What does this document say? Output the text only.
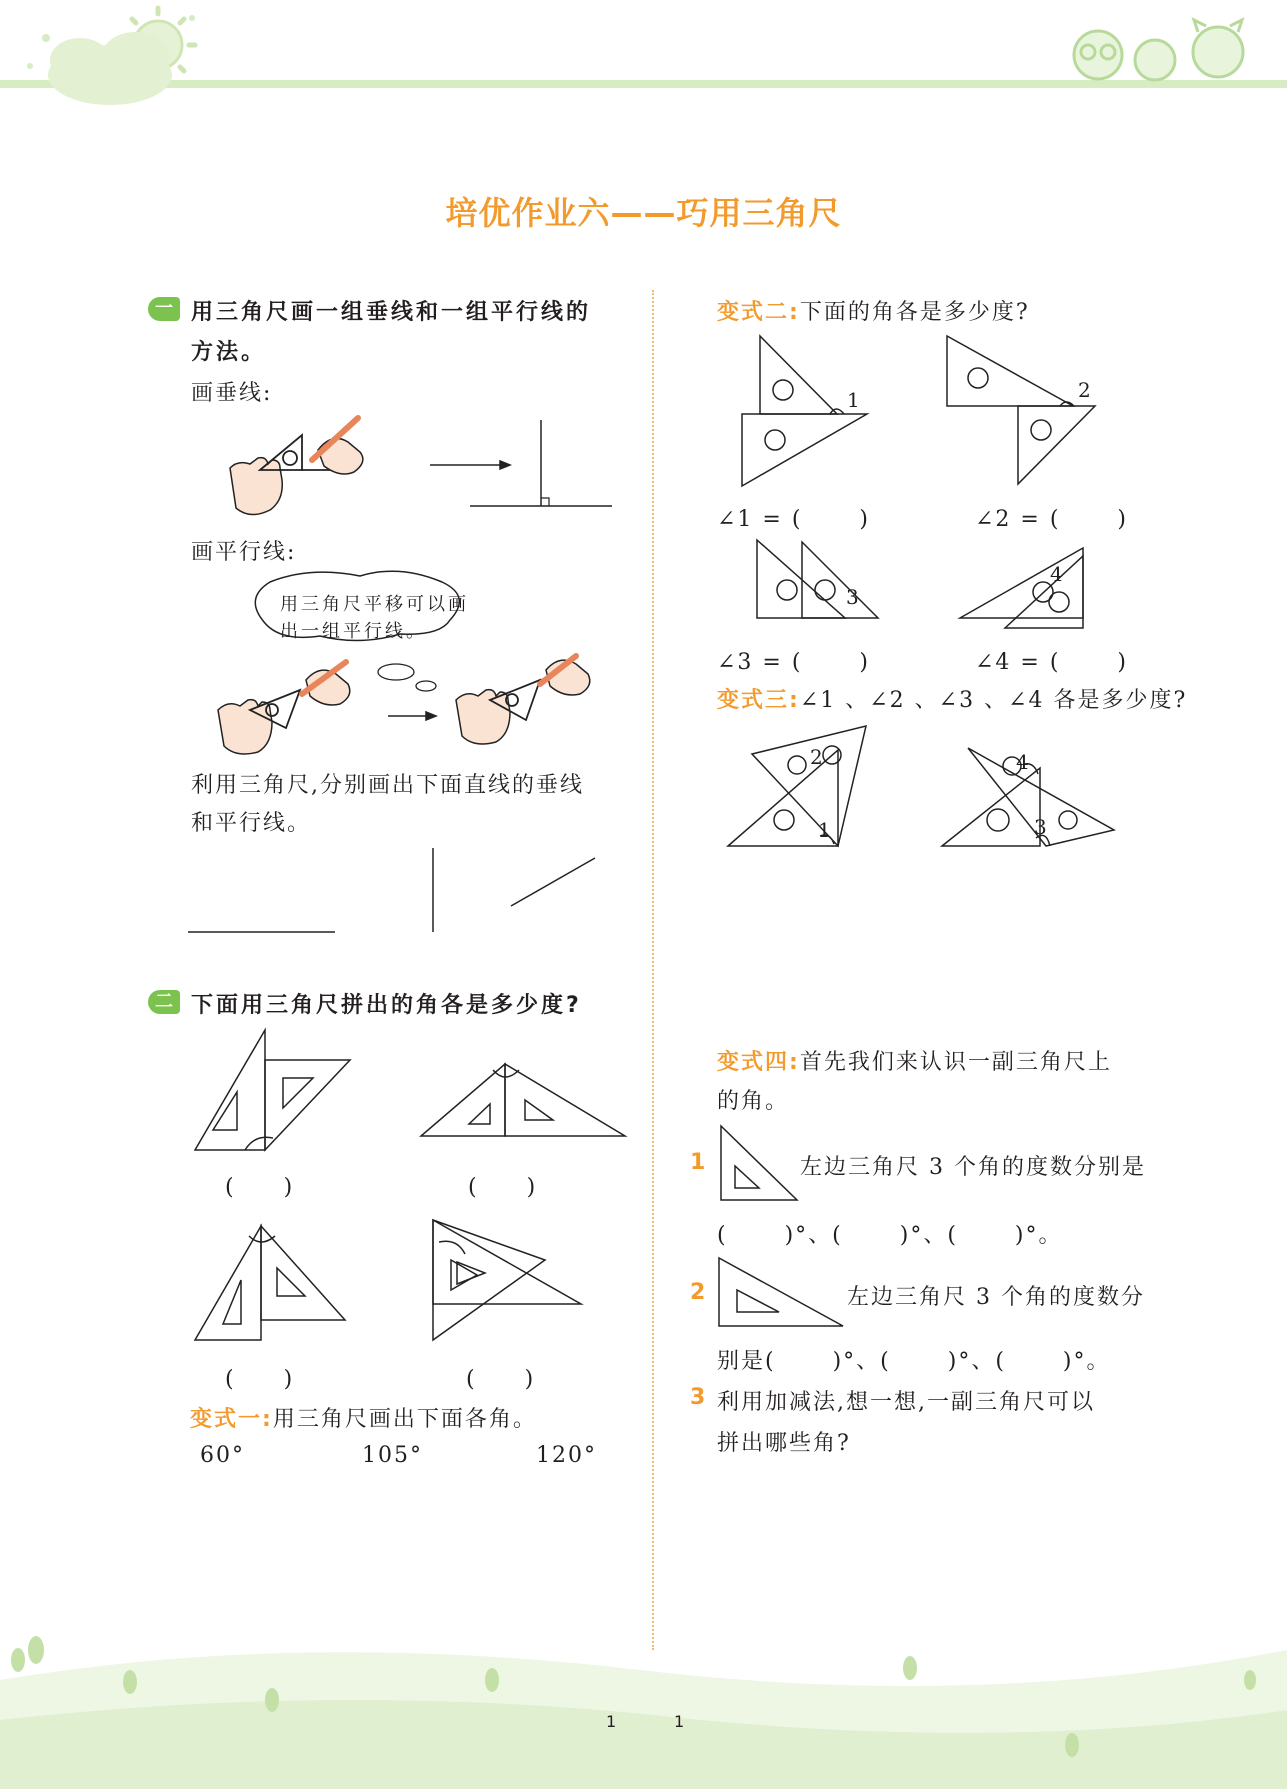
培优作业六——巧用三角尺
一 用三角尺画一组垂线和一组平行线的
方法。
画垂线:
画平行线:
用三角尺平移可以画
出一组平行线。
利用三角尺,分别画出下面直线的垂线
和平行线。
二 下面用三角尺拼出的角各是多少度?
(　　)	(　　)
(　　)	(　　)
变式一:用三角尺画出下面各角。
60°	105°	120°
变式二:下面的角各是多少度?
1	2
3
4
∠1 = (　　 )	∠2 = (　　 )
∠3 = (　　 )	∠4 = (　　 )
变式三:∠1 、∠2 、∠3 、∠4 各是多少度?
2
1
4
3
变式四:首先我们来认识一副三角尺上
的角。
1	左边三角尺 3 个角的度数分别是
(　　 )°、(　　 )°、(　　 )°。
2	左边三角尺 3 个角的度数分
别是(　　 )°、(　　 )°、(　　 )°。
3 利用加减法,想一想,一副三角尺可以
拼出哪些角?
1	1
